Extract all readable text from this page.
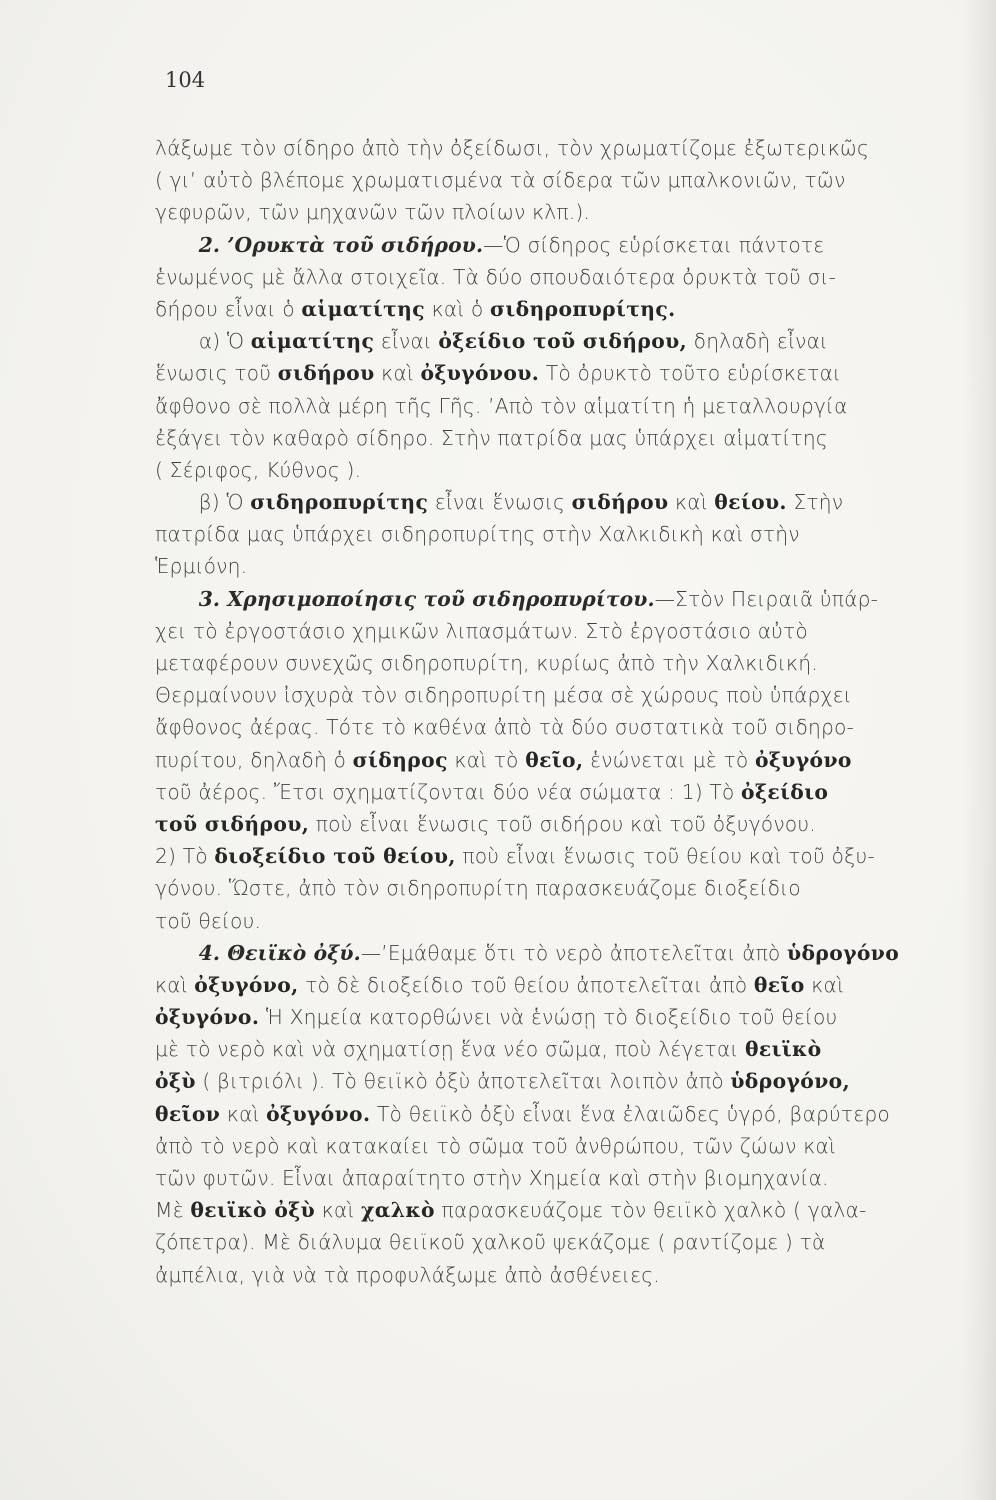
104
λάξωμε τὸν σίδηρο ἀπὸ τὴν ὀξείδωσι, τὸν χρωματίζομε ἐξωτερικῶς
( γι’ αὐτὸ βλέπομε χρωματισμένα τὰ σίδερα τῶν μπαλκονιῶν, τῶν
γεφυρῶν, τῶν μηχανῶν τῶν πλοίων κλπ.).
2. ’Ορυκτὰ τοῦ σιδήρου.—Ὁ σίδηρος εὑρίσκεται πάντοτε
ἑνωμένος μὲ ἄλλα στοιχεῖα. Τὰ δύο σπουδαιότερα ὀρυκτὰ τοῦ σι-
δήρου εἶναι ὁ αἱματίτης καὶ ὁ σιδηροπυρίτης.
α) Ὁ αἱματίτης εἶναι ὀξείδιο τοῦ σιδήρου, δηλαδὴ εἶναι
ἕνωσις τοῦ σιδήρου καὶ ὀξυγόνου. Τὸ ὀρυκτὸ τοῦτο εὑρίσκεται
ἄφθονο σὲ πολλὰ μέρη τῆς Γῆς. ’Απὸ τὸν αἱματίτη ἡ μεταλλουργία
ἐξάγει τὸν καθαρὸ σίδηρο. Στὴν πατρίδα μας ὑπάρχει αἱματίτης
( Σέριφος, Κύθνος ).
β) Ὁ σιδηροπυρίτης εἶναι ἕνωσις σιδήρου καὶ θείου. Στὴν
πατρίδα μας ὑπάρχει σιδηροπυρίτης στὴν Χαλκιδικὴ καὶ στὴν
Ἑρμιόνη.
3. Χρησιμοποίησις τοῦ σιδηροπυρίτου.—Στὸν Πειραιᾶ ὑπάρ-
χει τὸ ἐργοστάσιο χημικῶν λιπασμάτων. Στὸ ἐργοστάσιο αὐτὸ
μεταφέρουν συνεχῶς σιδηροπυρίτη, κυρίως ἀπὸ τὴν Χαλκιδική.
Θερμαίνουν ἰσχυρὰ τὸν σιδηροπυρίτη μέσα σὲ χώρους ποὺ ὑπάρχει
ἄφθονος ἀέρας. Τότε τὸ καθένα ἀπὸ τὰ δύο συστατικὰ τοῦ σιδηρο-
πυρίτου, δηλαδὴ ὁ σίδηρος καὶ τὸ θεῖο, ἑνώνεται μὲ τὸ ὀξυγόνο
τοῦ ἀέρος. Ἔτσι σχηματίζονται δύο νέα σώματα : 1) Τὸ ὀξείδιο
τοῦ σιδήρου, ποὺ εἶναι ἕνωσις τοῦ σιδήρου καὶ τοῦ ὀξυγόνου.
2) Τὸ διοξείδιο τοῦ θείου, ποὺ εἶναι ἕνωσις τοῦ θείου καὶ τοῦ ὀξυ-
γόνου. Ὥστε, ἀπὸ τὸν σιδηροπυρίτη παρασκευάζομε διοξείδιο
τοῦ θείου.
4. Θειϊκὸ ὀξύ.—’Εμάθαμε ὅτι τὸ νερὸ ἀποτελεῖται ἀπὸ ὑδρογόνο
καὶ ὀξυγόνο, τὸ δὲ διοξείδιο τοῦ θείου ἀποτελεῖται ἀπὸ θεῖο καὶ
ὀξυγόνο. Ἡ Χημεία κατορθώνει νὰ ἑνώσῃ τὸ διοξείδιο τοῦ θείου
μὲ τὸ νερὸ καὶ νὰ σχηματίσῃ ἕνα νέο σῶμα, ποὺ λέγεται θειϊκὸ
ὀξὺ ( βιτριόλι ). Τὸ θειϊκὸ ὀξὺ ἀποτελεῖται λοιπὸν ἀπὸ ὑδρογόνο,
θεῖον καὶ ὀξυγόνο. Τὸ θειϊκὸ ὀξὺ εἶναι ἕνα ἐλαιῶδες ὑγρό, βαρύτερο
ἀπὸ τὸ νερὸ καὶ κατακαίει τὸ σῶμα τοῦ ἀνθρώπου, τῶν ζώων καὶ
τῶν φυτῶν. Εἶναι ἀπαραίτητο στὴν Χημεία καὶ στὴν βιομηχανία.
Μὲ θειϊκὸ ὀξὺ καὶ χαλκὸ παρασκευάζομε τὸν θειϊκὸ χαλκὸ ( γαλα-
ζόπετρα). Μὲ διάλυμα θειϊκοῦ χαλκοῦ ψεκάζομε ( ραντίζομε ) τὰ
ἀμπέλια, γιὰ νὰ τὰ προφυλάξωμε ἀπὸ ἀσθένειες.
